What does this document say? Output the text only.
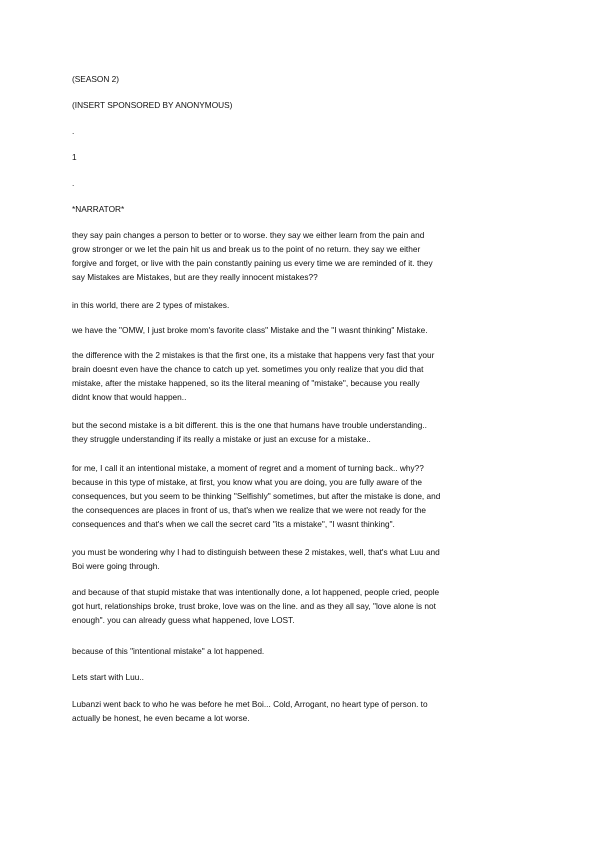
(SEASON 2)
(INSERT SPONSORED BY ANONYMOUS)
.
1
.
*NARRATOR*
they say pain changes a person to better or to worse. they say we either learn from the pain and
grow stronger or we let the pain hit us and break us to the point of no return. they say we either
forgive and forget, or live with the pain constantly paining us every time we are reminded of it. they
say Mistakes are Mistakes, but are they really innocent mistakes??
in this world, there are 2 types of mistakes.
we have the "OMW, I just broke mom's favorite class" Mistake and the "I wasnt thinking" Mistake.
the difference with the 2 mistakes is that the first one, its a mistake that happens very fast that your
brain doesnt even have the chance to catch up yet. sometimes you only realize that you did that
mistake, after the mistake happened, so its the literal meaning of "mistake", because you really
didnt know that would happen..
but the second mistake is a bit different. this is the one that humans have trouble understanding..
they struggle understanding if its really a mistake or just an excuse for a mistake..
for me, I call it an intentional mistake, a moment of regret and a moment of turning back.. why??
because in this type of mistake, at first, you know what you are doing, you are fully aware of the
consequences, but you seem to be thinking "Selfishly" sometimes, but after the mistake is done, and
the consequences are places in front of us, that's when we realize that we were not ready for the
consequences and that's when we call the secret card "its a mistake", "I wasnt thinking".
you must be wondering why I had to distinguish between these 2 mistakes, well, that's what Luu and
Boi were going through.
and because of that stupid mistake that was intentionally done, a lot happened, people cried, people
got hurt, relationships broke, trust broke, love was on the line. and as they all say, "love alone is not
enough". you can already guess what happened, love LOST.
because of this "intentional mistake" a lot happened.
Lets start with Luu..
Lubanzi went back to who he was before he met Boi... Cold, Arrogant, no heart type of person. to
actually be honest, he even became a lot worse.
